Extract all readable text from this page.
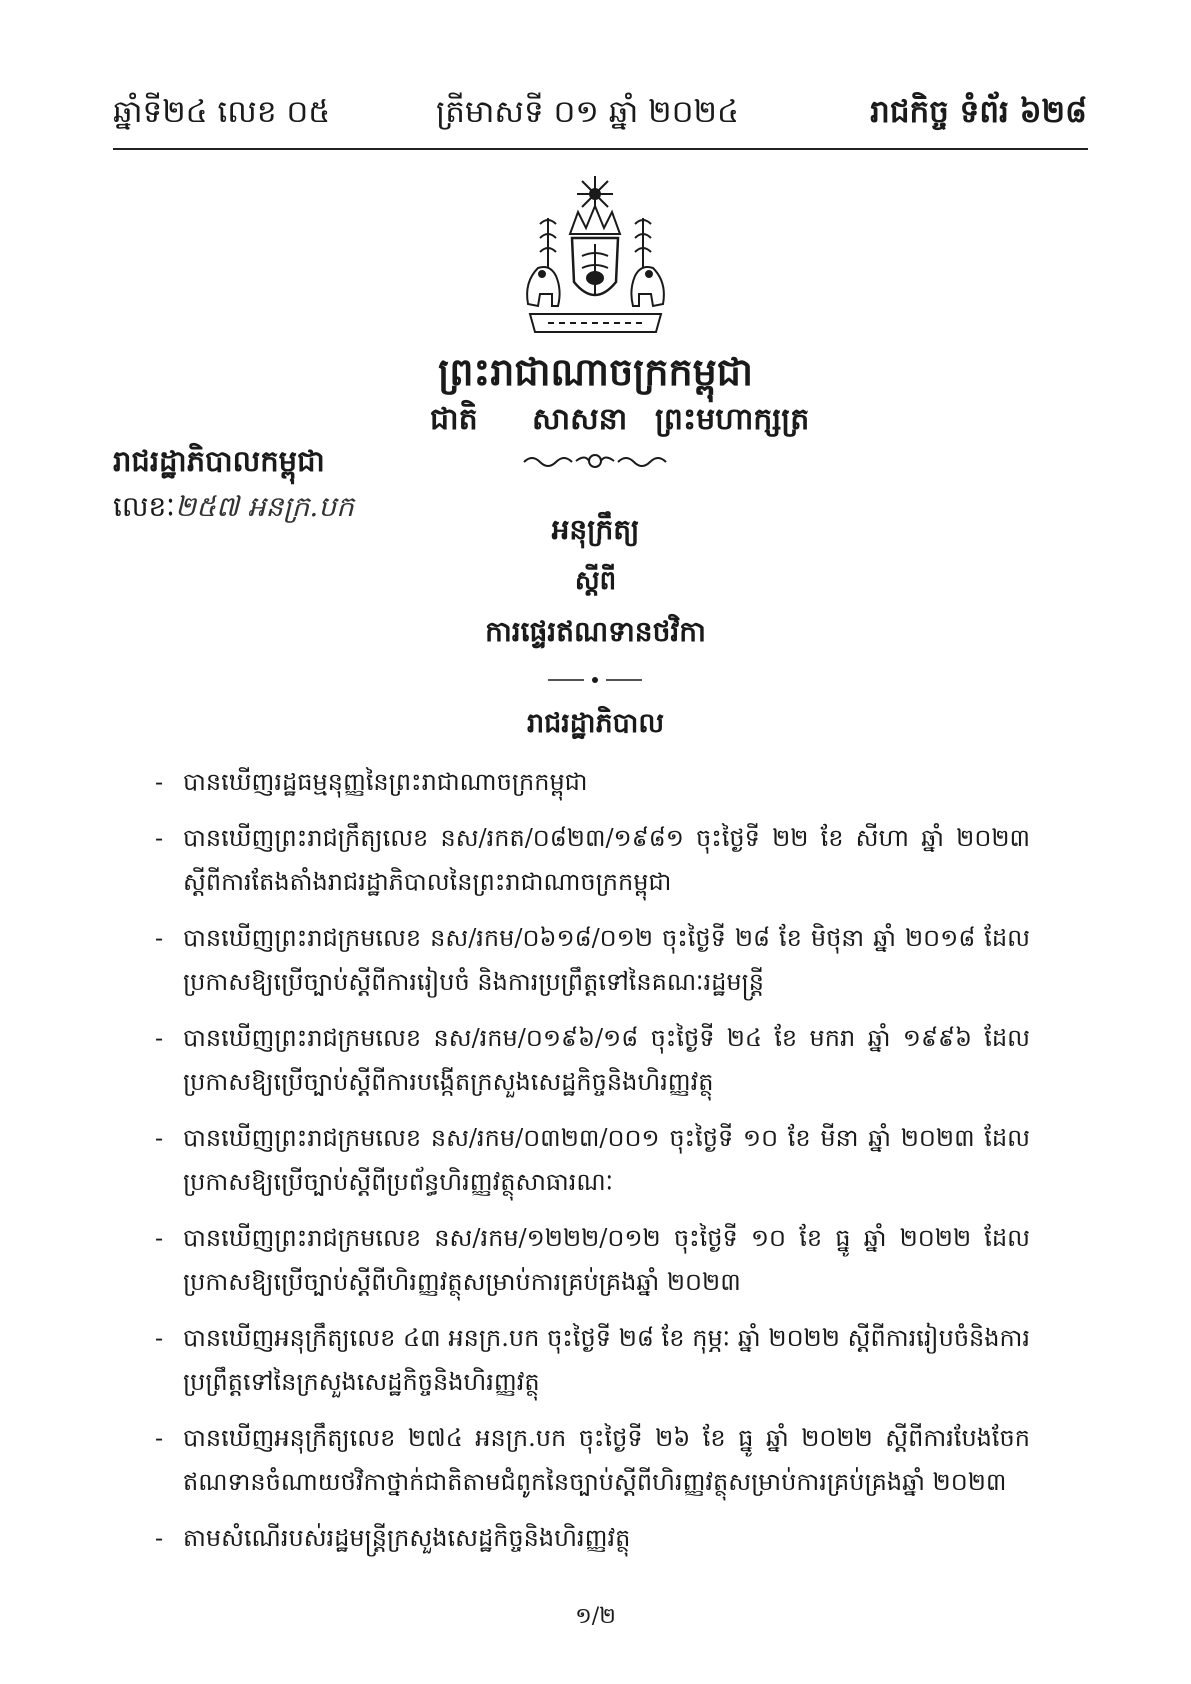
ឆ្នាំទី២៤ លេខ ០៥	ត្រីមាសទី ០១ ឆ្នាំ ២០២៤	រាជកិច្ច ទំព័រ ៦២៨
ព្រះរាជាណាចក្រកម្ពុជា
ជាតិ សាសនា ព្រះមហាក្សត្រ
រាជរដ្ឋាភិបាលកម្ពុជា
លេខៈ២៥៧ អនក្រ.បក
អនុក្រឹត្យ
ស្តីពី
ការផ្ទេរឥណទានថវិកា
រាជរដ្ឋាភិបាល
- បានឃើញរដ្ឋធម្មនុញ្ញនៃព្រះរាជាណាចក្រកម្ពុជា
- បានឃើញព្រះរាជក្រឹត្យលេខ នស/រកត/០៨២៣/១៩៨១ ចុះថ្ងៃទី ២២ ខែ សីហា ឆ្នាំ ២០២៣ ស្តីពីការតែងតាំងរាជរដ្ឋាភិបាលនៃព្រះរាជាណាចក្រកម្ពុជា
- បានឃើញព្រះរាជក្រមលេខ នស/រកម/០៦១៨/០១២ ចុះថ្ងៃទី ២៨ ខែ មិថុនា ឆ្នាំ ២០១៨ ដែលប្រកាសឱ្យប្រើច្បាប់ស្តីពីការរៀបចំ និងការប្រព្រឹត្តទៅនៃគណៈរដ្ឋមន្ត្រី
- បានឃើញព្រះរាជក្រមលេខ នស/រកម/០១៩៦/១៨ ចុះថ្ងៃទី ២៤ ខែ មករា ឆ្នាំ ១៩៩៦ ដែលប្រកាសឱ្យប្រើច្បាប់ស្តីពីការបង្កើតក្រសួងសេដ្ឋកិច្ចនិងហិរញ្ញវត្ថុ
- បានឃើញព្រះរាជក្រមលេខ នស/រកម/០៣២៣/០០១ ចុះថ្ងៃទី ១០ ខែ មីនា ឆ្នាំ ២០២៣ ដែលប្រកាសឱ្យប្រើច្បាប់ស្តីពីប្រព័ន្ធហិរញ្ញវត្ថុសាធារណៈ
- បានឃើញព្រះរាជក្រមលេខ នស/រកម/១២២២/០១២ ចុះថ្ងៃទី ១០ ខែ ធ្នូ ឆ្នាំ ២០២២ ដែលប្រកាសឱ្យប្រើច្បាប់ស្តីពីហិរញ្ញវត្ថុសម្រាប់ការគ្រប់គ្រងឆ្នាំ ២០២៣
- បានឃើញអនុក្រឹត្យលេខ ៤៣ អនក្រ.បក ចុះថ្ងៃទី ២៨ ខែ កុម្ភៈ ឆ្នាំ ២០២២ ស្តីពីការរៀបចំនិងការប្រព្រឹត្តទៅនៃក្រសួងសេដ្ឋកិច្ចនិងហិរញ្ញវត្ថុ
- បានឃើញអនុក្រឹត្យលេខ ២៧៤ អនក្រ.បក ចុះថ្ងៃទី ២៦ ខែ ធ្នូ ឆ្នាំ ២០២២ ស្តីពីការបែងចែកឥណទានចំណាយថវិកាថ្នាក់ជាតិតាមជំពូកនៃច្បាប់ស្តីពីហិរញ្ញវត្ថុសម្រាប់ការគ្រប់គ្រងឆ្នាំ ២០២៣
- តាមសំណើរបស់រដ្ឋមន្ត្រីក្រសួងសេដ្ឋកិច្ចនិងហិរញ្ញវត្ថុ
១/២
